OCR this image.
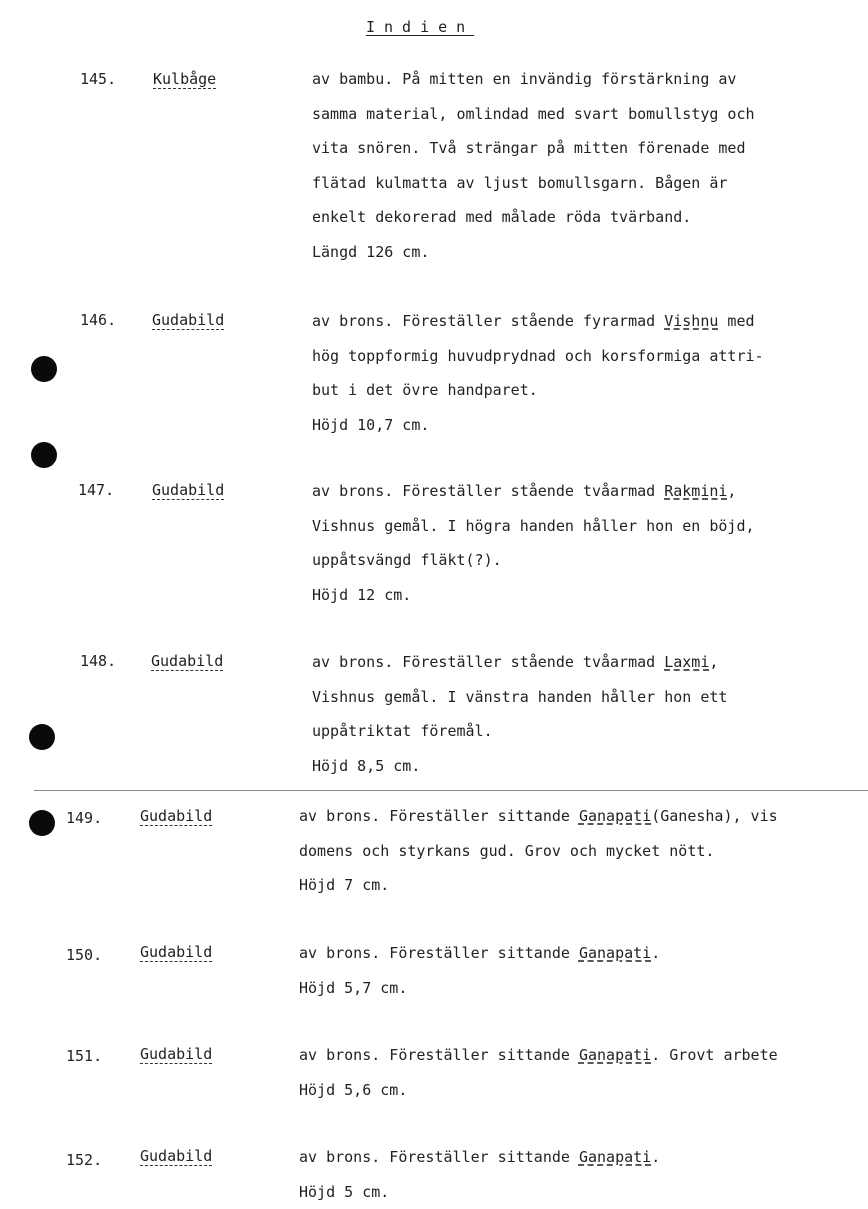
Indien
145. Kulbåge	av bambu. På mitten en invändig förstärkning av
samma material, omlindad med svart bomullstyg och
vita snören. Två strängar på mitten förenade med
flätad kulmatta av ljust bomullsgarn. Bågen är
enkelt dekorerad med målade röda tvärband.
Längd 126 cm.
146. Gudabild	av brons. Föreställer stående fyrarmad Vishnu med
hög toppformig huvudprydnad och korsformiga attri-
but i det övre handparet.
Höjd 10,7 cm.
147.	Gudabild	av brons. Föreställer stående tvåarmad Rakmini,
Vishnus gemål. I högra handen håller hon en böjd,
uppåtsvängd fläkt(?).
Höjd 12 cm.
148. Gudabild	av brons. Föreställer stående tvåarmad Laxmi,
Vishnus gemål. I vänstra handen håller hon ett
uppåtriktat föremål.
Höjd 8,5 cm.
149.	Gudabild	av brons. Föreställer sittande Ganapati(Ganesha), vis
domens och styrkans gud. Grov och mycket nött.
Höjd 7 cm.
150.	Gudabild	av brons. Föreställer sittande Ganapati.
Höjd 5,7 cm.
151.	Gudabild	av brons. Föreställer sittande Ganapati. Grovt arbete
Höjd 5,6 cm.
152.	Gudabild	av brons. Föreställer sittande Ganapati.
Höjd 5 cm.
